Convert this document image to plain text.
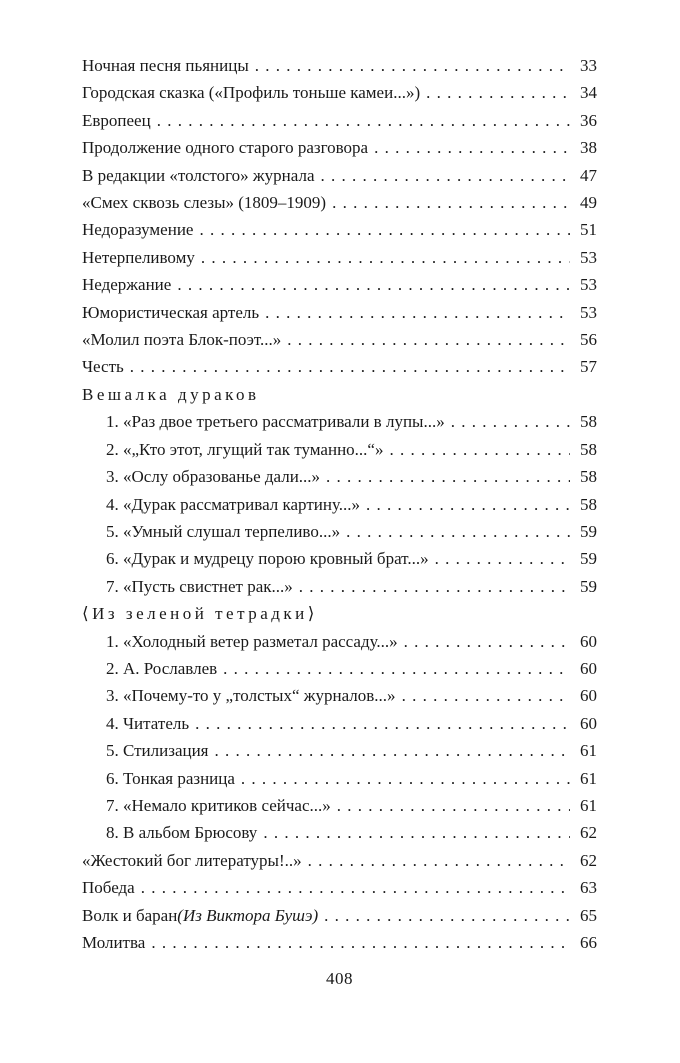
Ночная песня пьяницы . . .	33
Городская сказка («Профиль тоньше камеи...») . . .	34
Европеец . . .	36
Продолжение одного старого разговора . . .	38
В редакции «толстого» журнала . . .	47
«Смех сквозь слезы» (1809–1909) . . .	49
Недоразумение . . .	51
Нетерпеливому . . .	53
Недержание . . .	53
Юмористическая артель . . .	53
«Молил поэта Блок-поэт...» . . .	56
Честь . . .	57
Вешалка дураков
1. «Раз двое третьего рассматривали в лупы...» . . .	58
2. «„Кто этот, лгущий так туманно...“» . . .	58
3. «Ослу образованье дали...» . . .	58
4. «Дурак рассматривал картину...» . . .	58
5. «Умный слушал терпеливо...» . . .	59
6. «Дурак и мудрецу порою кровный брат...» . . .	59
7. «Пусть свистнет рак...» . . .	59
⟨Из зеленой тетрадки⟩
1. «Холодный ветер разметал рассаду...» . . .	60
2. А. Рославлев . . .	60
3. «Почему-то у „толстых“ журналов...» . . .	60
4. Читатель . . .	60
5. Стилизация . . .	61
6. Тонкая разница . . .	61
7. «Немало критиков сейчас...» . . .	61
8. В альбом Брюсову . . .	62
«Жестокий бог литературы!..» . . .	62
Победа . . .	63
Волк и баран (Из Виктора Бушэ) . . .	65
Молитва . . .	66
408
